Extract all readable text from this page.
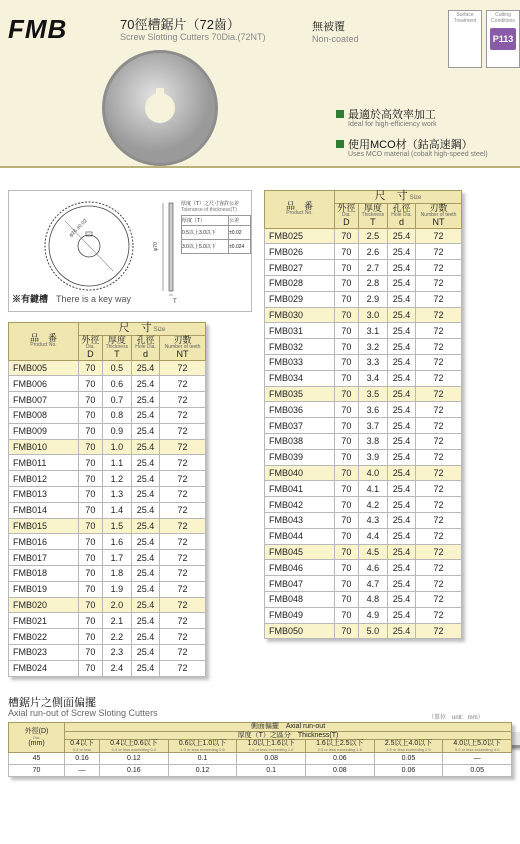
FMB	70徑槽鋸片（72齒）
Screw Slotting Cutters 70Dia.(72NT)
無被覆
Non-coated
Surface Treatment
Cutting Conditions
P113
最適於高效率加工
Ideal for high-efficiency work
使用MCO材（鈷高速鋼）
Uses MCO material (cobalt high-speed steel)
φ16 ±0.02
φ70
T
厚度（T）之尺寸容許公差
Tolerance of thickness(T)
厚度（T）	公差
0.5以上3.0以下	±0.02
3.0以上5.0以下	±0.024
※有鍵槽 There is a key way
品　番
Product No.	尺　寸 Size			
	外徑
Dia.
D	厚度
Thickness
T	孔徑
Hole Dia.
d	刃數
Number of teeth
NT
FMB005	70	0.5	25.4	72
FMB006	70	0.6	25.4	72
FMB007	70	0.7	25.4	72
FMB008	70	0.8	25.4	72
FMB009	70	0.9	25.4	72
FMB010	70	1.0	25.4	72
FMB011	70	1.1	25.4	72
FMB012	70	1.2	25.4	72
FMB013	70	1.3	25.4	72
FMB014	70	1.4	25.4	72
FMB015	70	1.5	25.4	72
FMB016	70	1.6	25.4	72
FMB017	70	1.7	25.4	72
FMB018	70	1.8	25.4	72
FMB019	70	1.9	25.4	72
FMB020	70	2.0	25.4	72
FMB021	70	2.1	25.4	72
FMB022	70	2.2	25.4	72
FMB023	70	2.3	25.4	72
FMB024	70	2.4	25.4	72
品　番
Product No.	尺　寸 Size			
	外徑
Dia.
D	厚度
Thickness
T	孔徑
Hole Dia.
d	刃數
Number of teeth
NT
FMB025	70	2.5	25.4	72
FMB026	70	2.6	25.4	72
FMB027	70	2.7	25.4	72
FMB028	70	2.8	25.4	72
FMB029	70	2.9	25.4	72
FMB030	70	3.0	25.4	72
FMB031	70	3.1	25.4	72
FMB032	70	3.2	25.4	72
FMB033	70	3.3	25.4	72
FMB034	70	3.4	25.4	72
FMB035	70	3.5	25.4	72
FMB036	70	3.6	25.4	72
FMB037	70	3.7	25.4	72
FMB038	70	3.8	25.4	72
FMB039	70	3.9	25.4	72
FMB040	70	4.0	25.4	72
FMB041	70	4.1	25.4	72
FMB042	70	4.2	25.4	72
FMB043	70	4.3	25.4	72
FMB044	70	4.4	25.4	72
FMB045	70	4.5	25.4	72
FMB046	70	4.6	25.4	72
FMB047	70	4.7	25.4	72
FMB048	70	4.8	25.4	72
FMB049	70	4.9	25.4	72
FMB050	70	5.0	25.4	72
槽鋸片之側面偏擺
Axial run-out of Screw Sloting Cutters	（單位　unit：mm）
外徑(D)
Dia.
(mm)	側面偏擺　Axial run-out						
	厚度（T）之區分　Thickness(T)						
	0.4以下
0.4 or less	0.4以上0.6以下
0.4 or less exceeding 0.4	0.6以上1.0以下
1.0 or less exceeding 0.6	1.0以上1.6以下
1.6 or less exceeding 1.0	1.6以上2.5以下
2.5 or less exceeding 1.6	2.5以上4.0以下
4.0 or less exceeding 2.5	4.0以上5.0以下
5.0 or less exceeding 4.0

45	0.16	0.12	0.1	0.08	0.06	0.05	—
70	—	0.16	0.12	0.1	0.08	0.06	0.05
